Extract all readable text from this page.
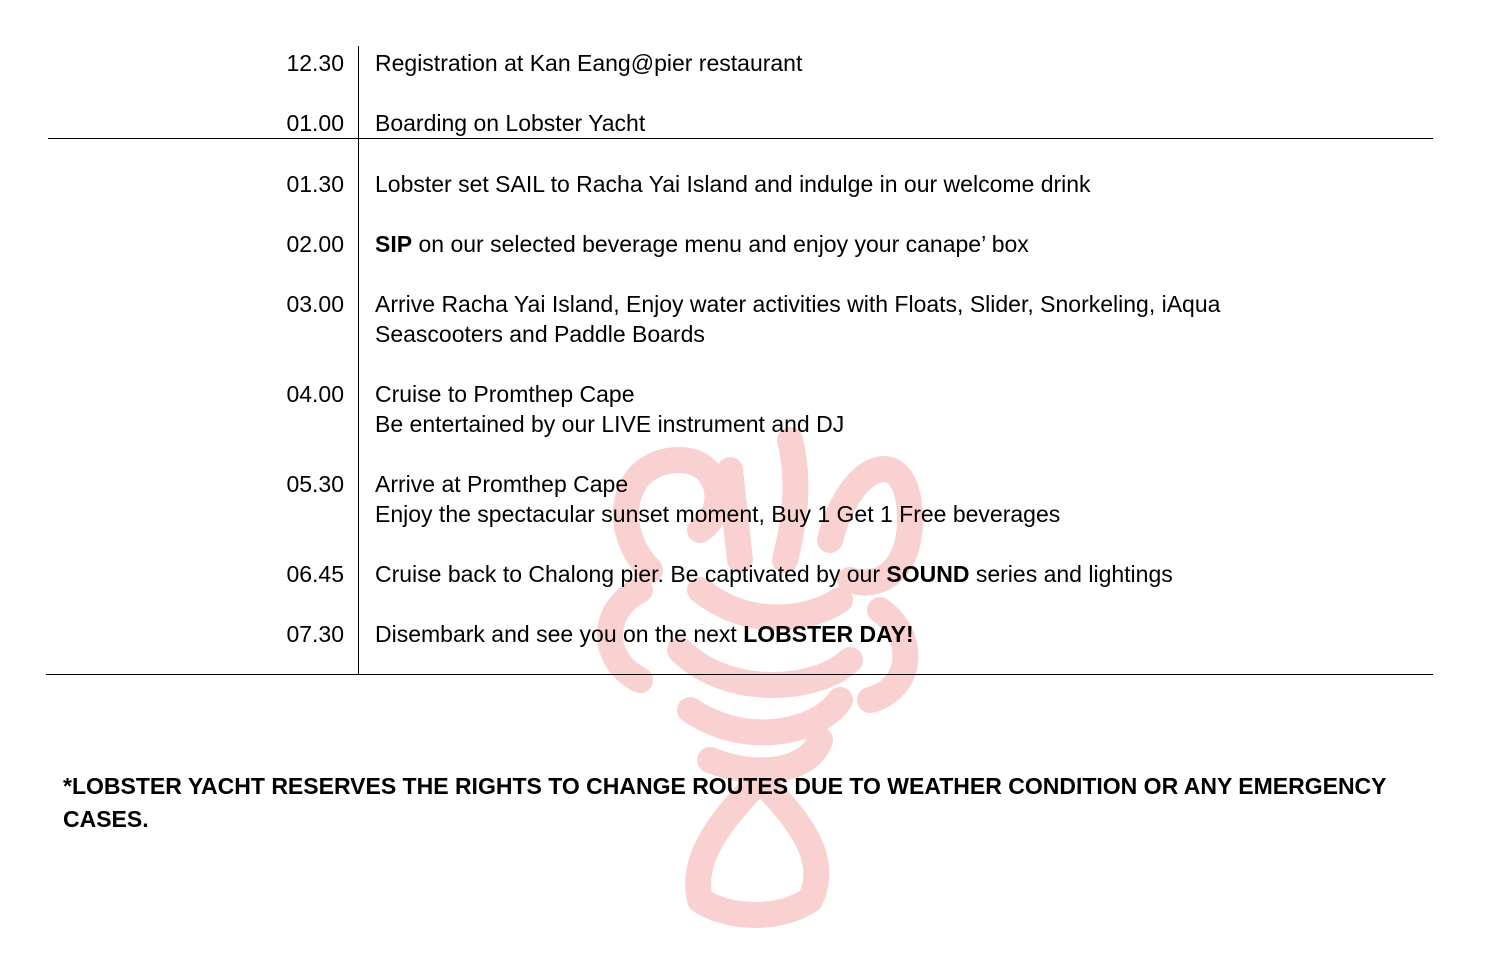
12.30 Registration at Kan Eang@pier restaurant
01.00 Boarding on Lobster Yacht
01.30 Lobster set SAIL to Racha Yai Island and indulge in our welcome drink
02.00 SIP on our selected beverage menu and enjoy your canape’ box
03.00 Arrive Racha Yai Island, Enjoy water activities with Floats, Slider, Snorkeling, iAqua
Seascooters and Paddle Boards
04.00 Cruise to Promthep Cape
Be entertained by our LIVE instrument and DJ
05.30 Arrive at Promthep Cape
Enjoy the spectacular sunset moment, Buy 1 Get 1 Free beverages
06.45 Cruise back to Chalong pier. Be captivated by our SOUND series and lightings
07.30 Disembark and see you on the next LOBSTER DAY!
*LOBSTER YACHT RESERVES THE RIGHTS TO CHANGE ROUTES DUE TO WEATHER CONDITION OR ANY EMERGENCY CASES.
